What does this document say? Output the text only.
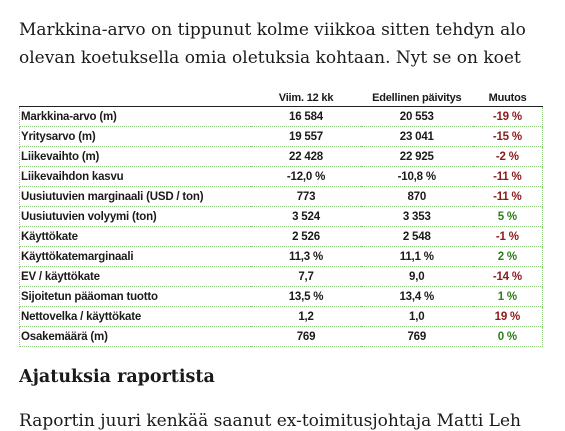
Markkina-arvo on tippunut kolme viikkoa sitten tehdyn alo
olevan koetuksella omia oletuksia kohtaan. Nyt se on koet
	Viim. 12 kk	Edellinen päivitys	Muutos
Markkina-arvo (m)	16 584	20 553	-19 %
Yritysarvo (m)	19 557	23 041	-15 %
Liikevaihto (m)	22 428	22 925	-2 %
Liikevaihdon kasvu	-12,0 %	-10,8 %	-11 %
Uusiutuvien marginaali (USD / ton)	773	870	-11 %
Uusiutuvien volyymi (ton)	3 524	3 353	5 %
Käyttökate	2 526	2 548	-1 %
Käyttökatemarginaali	11,3 %	11,1 %	2 %
EV / käyttökate	7,7	9,0	-14 %
Sijoitetun pääoman tuotto	13,5 %	13,4 %	1 %
Nettovelka / käyttökate	1,2	1,0	19 %
Osakemäärä (m)	769	769	0 %
Ajatuksia raportista
Raportin juuri kenkää saanut ex-toimitusjohtaja Matti Leh
